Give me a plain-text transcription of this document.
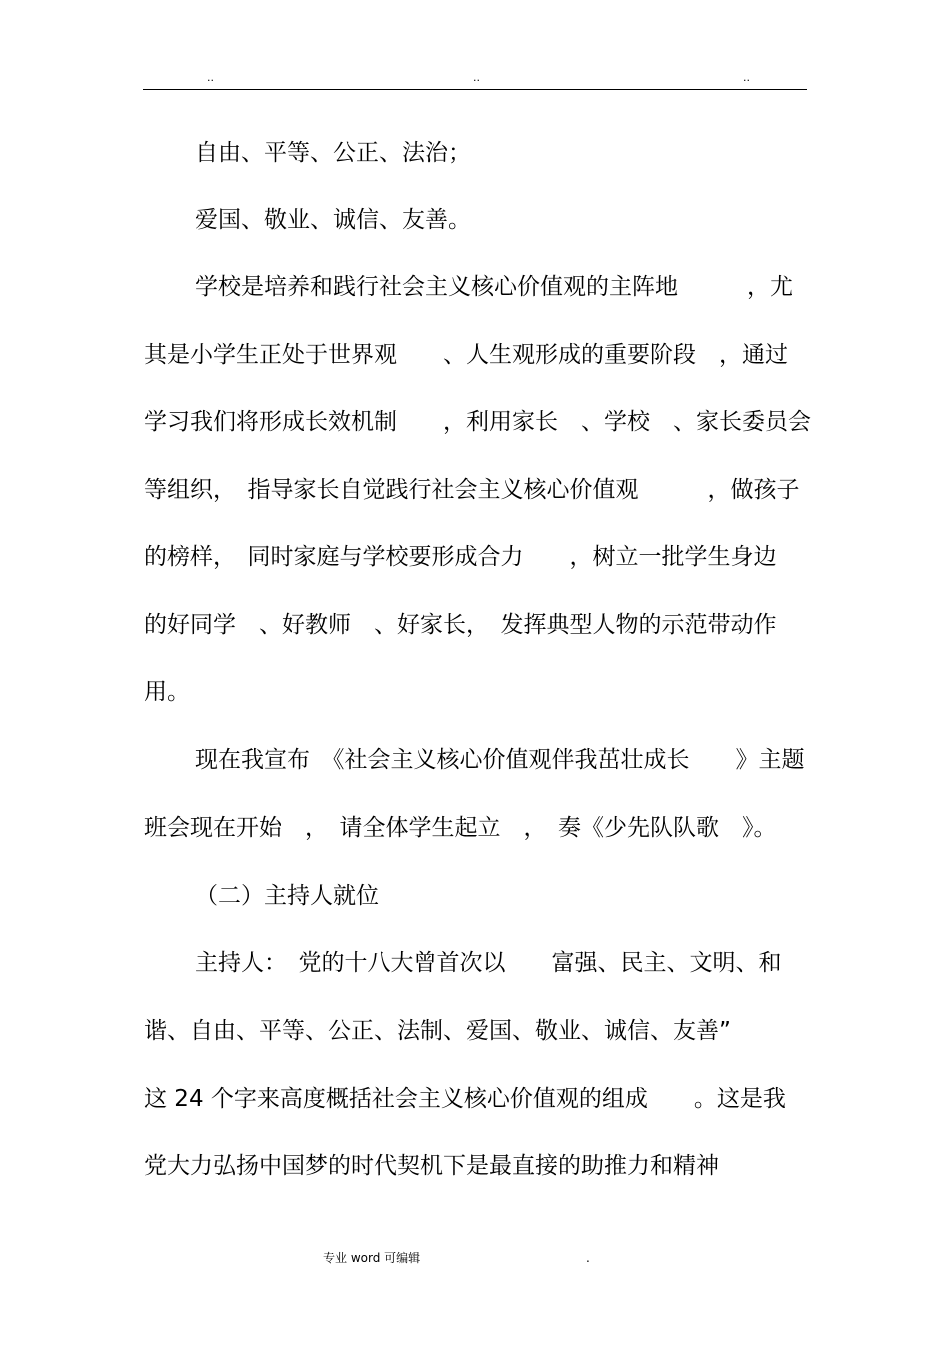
..	..	..
自由、平等、公正、法治；
爱国、敬业、诚信、友善。
学校是培养和践行社会主义核心价值观的主阵地　　　，尤
其是小学生正处于世界观　　、人生观形成的重要阶段　，通过
学习我们将形成长效机制　　，利用家长　、学校　、家长委员会
等组织，　指导家长自觉践行社会主义核心价值观　　　，做孩子
的榜样，　同时家庭与学校要形成合力　　，树立一批学生身边
的好同学　、好教师　、好家长，　发挥典型人物的示范带动作
用。
现在我宣布　《社会主义核心价值观伴我茁壮成长　　》主题
班会现在开始　，　请全体学生起立　，　奏《少先队队歌　》。
（二）主持人就位
主持人：　党的十八大曾首次以　　富强、民主、文明、和
谐、自由、平等、公正、法制、爱国、敬业、诚信、友善”
这 24 个字来高度概括社会主义核心价值观的组成　　。这是我
党大力弘扬中国梦的时代契机下是最直接的助推力和精神
专业 word 可编辑	.
